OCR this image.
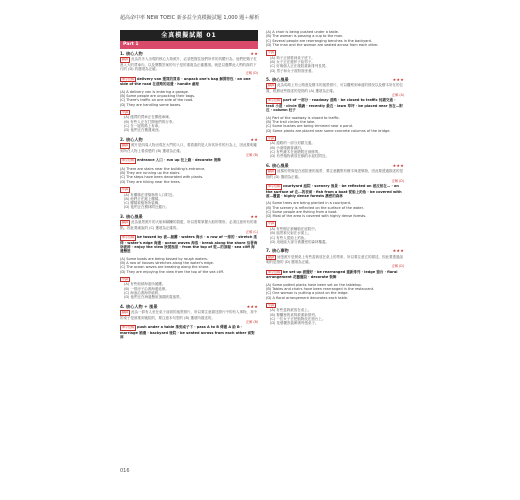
超高命中率 NEW TOEIC 新多益全真模擬試題 1,000 題＋解析
全真模擬試題 01
Part 1
1. 核心人物	★★
翻譯 此為許多人出現的核心人物照片，必須把握住他們所作的具體行為，他們把箱子扛進入大的貨車內，以及閱覽答案的句子是的重複為正確選項。就是以選擇此人們的真的下行的 (D) 的選項為正確。
正解 (D)
單字註解 delivery van 運貨的貨車 · unpack one's bag 解開背包 · on one side of the road 在道路的這邊 · handle 處理
(A) A delivery van is entering a garage.
(B) Some people are unpacking their bags.
(C) There's traffic on one side of the road.
(D) They are handling some boxes.
中譯
(A) 運貨的貨車正在開進車庫。
(B) 有些人正在打開他們的行李。
(C) 在一邊的路上有車。
(D) 他們正在搬運東西。
2. 核心人物	★★
翻譯 照片是四周人物出現在大門的入口，要看重的是人所其所作的行為上，因此要明確到所在人物上看清楚的 (B) 選項為正確。
正解 (B)
單字註解 entrance 入口 · run up 往上跑 · decorate 裝飾
(A) There are stairs near the building's entrance.
(B) They are running up the stairs.
(C) The steps have been decorated with plants.
(D) They are hiking near the trees.
中譯
(A) 有樓梯在建築物的入口附近。
(B) 他們正在跑上樓梯。
(C) 樓梯被植物所裝飾。
(D) 他們正在樹林附近健行。
3. 核心風景	★★
翻譯 此為風景照片的大船和翻騰的碧藍，所以需要掌握大船的情形，必須注意所有的重點。因此要細說的 (C) 選項為正確的。
正解 (C)
單字註解 be tossed by 被…拋擲 · waters 海水 · a row of 一排的 · stretch 延伸 · water's edge 海邊 · ocean waves 海浪 · break along the shore 沿著海岸破碎 · enjoy the view 欣賞風景 · from the top of 從…的頂端 · sea cliff 海邊懸崖
(A) Some boats are being tossed by rough waters.
(B) A row of houses stretches along the water's edge.
(C) The ocean waves are breaking along the shore.
(D) They are enjoying the view from the top of the sea cliff.
中譯
(A) 有些船被海浪所拋擲。
(B) 一排房子沿著海邊延伸。
(C) 海浪沿著海岸破碎。
(D) 他們正在海邊懸崖頂端欣賞風景。
4. 核心人物 + 風景	★★★
翻譯 此為一群有人坐在桌子前面的風景照片，所以要注意描述照片中的有人事物，其中的桌子是被推到後院的，要注意本句型的 (B) 選項所描述的。
正解 (B)
單字註解 push under a table 推到桌子下 · pass A to B 傳遞 A 給 B · marriage 婚禮 · backyard 後院 · be seated across from each other 面對面
(A) A chair is being pushed under a table.
(B) The woman is passing a cup to the man.
(C) Several people are rearranging benches in the backyard.
(D) The man and the woman are seated across from each other.
中譯
(A) 椅子正被推到桌子底下。
(B) 女子正在遞杯子給男子。
(C) 好幾個人正在後院重新排列長凳。
(D) 男子和女子面對面坐著。
5. 核心風景	★★★
翻譯 此為馬路上有公路進及樹木的風景照片，可以觀察到車道的情況以及樹木所在的位置，根據這些描述的是指的 (A) 選項為正確。
正解 (A)
單字註解 part of 一部分 · roadway 道路 · be closed to traffic 封鎖交通 · trail 小道 · circle 環繞 · recently 最近 · lawn 草坪 · be placed near 放在…附近 · column 柱子
(A) Part of the roadway is closed to traffic.
(B) The trail circles the lake.
(C) Some bushes are being trimmed near a pond.
(D) Some plants are placed near some concrete columns of the bridge.
中譯
(A) 道路的一部分封鎖交通。
(B) 小道環繞著湖泊。
(C) 有些灌木在池塘附近被修剪。
(D) 有些植物被放在橋的水泥柱附近。
6. 核心風景	★★★
翻譯 這樣的景像是在庭院裡的風景，要注意觀察有樹木與建築物，因此要透過描述的是指的 (D) 選項為正確。
正解 (D)
單字註解 courtyard 庭院 · scenery 風景 · be reflected on 被反射在… · on the surface of 在…的表面 · fish from a boat 從船上釣魚 · be covered with 被…覆蓋 · highly dense forests 濃密的森林
(A) Some trees are being planted in a courtyard.
(B) The scenery is reflected on the surface of the water.
(C) Some people are fishing from a boat.
(D) Most of the area is covered with highly dense forests.
中譯
(A) 有些樹正被種植在庭院中。
(B) 風景被反射在水面上。
(C) 有些人從船上釣魚。
(D) 這地區大部分被濃密的森林覆蓋。
7. 核心事物	★★★
翻譯 這張照片是餐桌上有些盆栽放在桌上的景象，所以要注意它的描述，因此要透過說明的是指的 (D) 選項為正確。
正解 (D)
單字註解 be set up 被擺好 · be rearranged 重新排列 · ledge 窗台 · floral arrangement 花藝擺設 · decorate 裝飾
(A) Some potted plants have been set on the tabletop.
(B) Tables and chairs have been rearranged in the restaurant.
(C) One woman is putting a plant on the ledge.
(D) A floral arrangement decorates each table.
中譯
(A) 有些盆栽被放在桌上。
(B) 餐廳裡的桌椅被重新排列。
(C) 一位女子正把植物放在窗台上。
(D) 花藝擺設裝飾著每張桌子。
016
